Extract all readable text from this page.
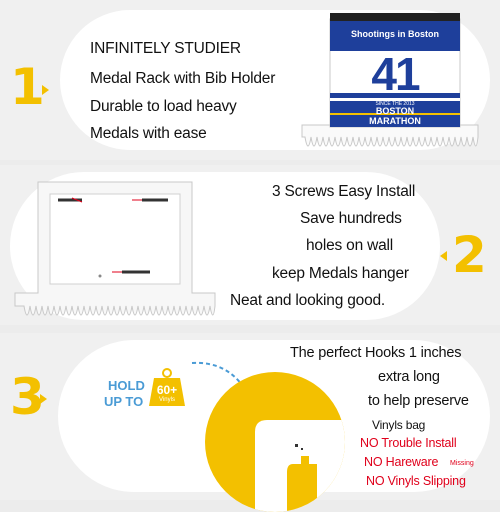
1
INFINITELY STUDIER
Medal Rack with Bib Holder
Durable to load heavy
Medals with ease
Shootings in Boston
41
SINCE THE 2013
BOSTON
MARATHON
2
3 Screws Easy Install
Save hundreds
holes on wall
keep Medals hanger
Neat and looking good.
3	HOLD
UP TO
60+
Vinyls
The perfect Hooks 1 inches
extra long
to help preserve
Vinyls bag
NO Trouble Install
NO Hareware Missing
NO Vinyls Slipping
